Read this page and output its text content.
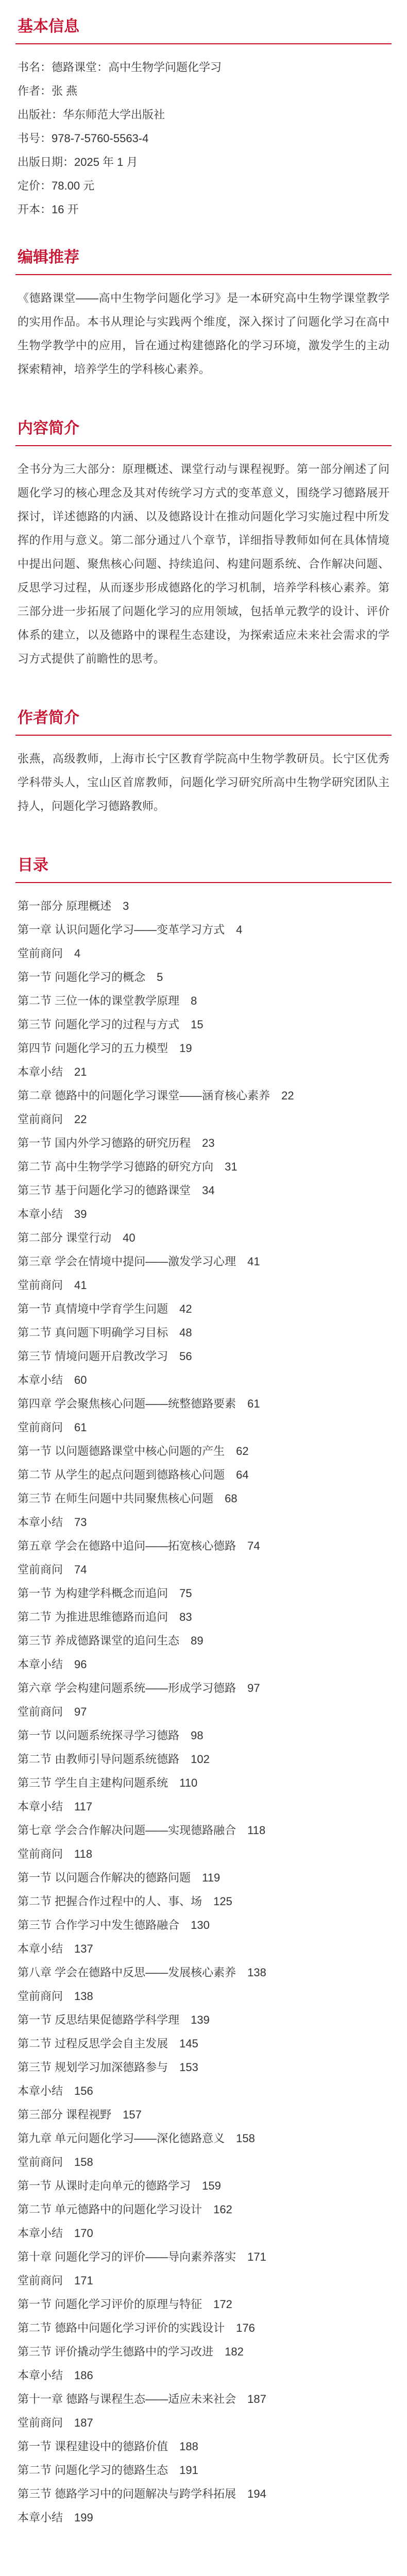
基本信息
书名：德路课堂：高中生物学问题化学习
作者：张 燕
出版社：华东师范大学出版社
书号：978-7-5760-5563-4
出版日期：2025 年 1 月
定价：78.00 元
开本：16 开
编辑推荐

《德路课堂——高中生物学问题化学习》是一本研究高中生物学课堂教学的实用作品。本书从理论与实践两个维度，深入探讨了问题化学习在高中生物学教学中的应用，旨在通过构建德路化的学习环境，激发学生的主动探索精神，培养学生的学科核心素养。

内容简介

全书分为三大部分：原理概述、课堂行动与课程视野。第一部分阐述了问题化学习的核心理念及其对传统学习方式的变革意义，围绕学习德路展开探讨，详述德路的内涵、以及德路设计在推动问题化学习实施过程中所发挥的作用与意义。第二部分通过八个章节，详细指导教师如何在具体情境中提出问题、聚焦核心问题、持续追问、构建问题系统、合作解决问题、反思学习过程，从而逐步形成德路化的学习机制，培养学科核心素养。第三部分进一步拓展了问题化学习的应用领域，包括单元教学的设计、评价体系的建立，以及德路中的课程生态建设，为探索适应未来社会需求的学习方式提供了前瞻性的思考。

作者简介

张燕，高级教师，上海市长宁区教育学院高中生物学教研员。长宁区优秀学科带头人，宝山区首席教师，问题化学习研究所高中生物学研究团队主持人，问题化学习德路教师。

目录
第一部分 原理概述　3
第一章 认识问题化学习——变革学习方式　4
堂前商问　4
第一节 问题化学习的概念　5
第二节 三位一体的课堂教学原理　8
第三节 问题化学习的过程与方式　15
第四节 问题化学习的五力模型　19
本章小结　21
第二章 德路中的问题化学习课堂——涵育核心素养　22
堂前商问　22
第一节 国内外学习德路的研究历程　23
第二节 高中生物学学习德路的研究方向　31
第三节 基于问题化学习的德路课堂　34
本章小结　39
第二部分 课堂行动　40
第三章 学会在情境中提问——激发学习心理　41
堂前商问　41
第一节 真情境中学育学生问题　42
第二节 真问题下明确学习目标　48
第三节 情境问题开启教改学习　56
本章小结　60
第四章 学会聚焦核心问题——统整德路要素　61
堂前商问　61
第一节 以问题德路课堂中核心问题的产生　62
第二节 从学生的起点问题到德路核心问题　64
第三节 在师生问题中共同聚焦核心问题　68
本章小结　73
第五章 学会在德路中追问——拓宽核心德路　74
堂前商问　74
第一节 为构建学科概念而追问　75
第二节 为推进思维德路而追问　83
第三节 养成德路课堂的追问生态　89
本章小结　96
第六章 学会构建问题系统——形成学习德路　97
堂前商问　97
第一节 以问题系统探寻学习德路　98
第二节 由教师引导问题系统德路　102
第三节 学生自主建构问题系统　110
本章小结　117
第七章 学会合作解决问题——实现德路融合　118
堂前商问　118
第一节 以问题合作解决的德路问题　119
第二节 把握合作过程中的人、事、场　125
第三节 合作学习中发生德路融合　130
本章小结　137
第八章 学会在德路中反思——发展核心素养　138
堂前商问　138
第一节 反思结果促德路学科学理　139
第二节 过程反思学会自主发展　145
第三节 规划学习加深德路参与　153
本章小结　156
第三部分 课程视野　157
第九章 单元问题化学习——深化德路意义　158
堂前商问　158
第一节 从课时走向单元的德路学习　159
第二节 单元德路中的问题化学习设计　162
本章小结　170
第十章 问题化学习的评价——导向素养落实　171
堂前商问　171
第一节 问题化学习评价的原理与特征　172
第二节 德路中问题化学习评价的实践设计　176
第三节 评价撬动学生德路中的学习改进　182
本章小结　186
第十一章 德路与课程生态——适应未来社会　187
堂前商问　187
第一节 课程建设中的德路价值　188
第二节 问题化学习的德路生态　191
第三节 德路学习中的问题解决与跨学科拓展　194
本章小结　199
